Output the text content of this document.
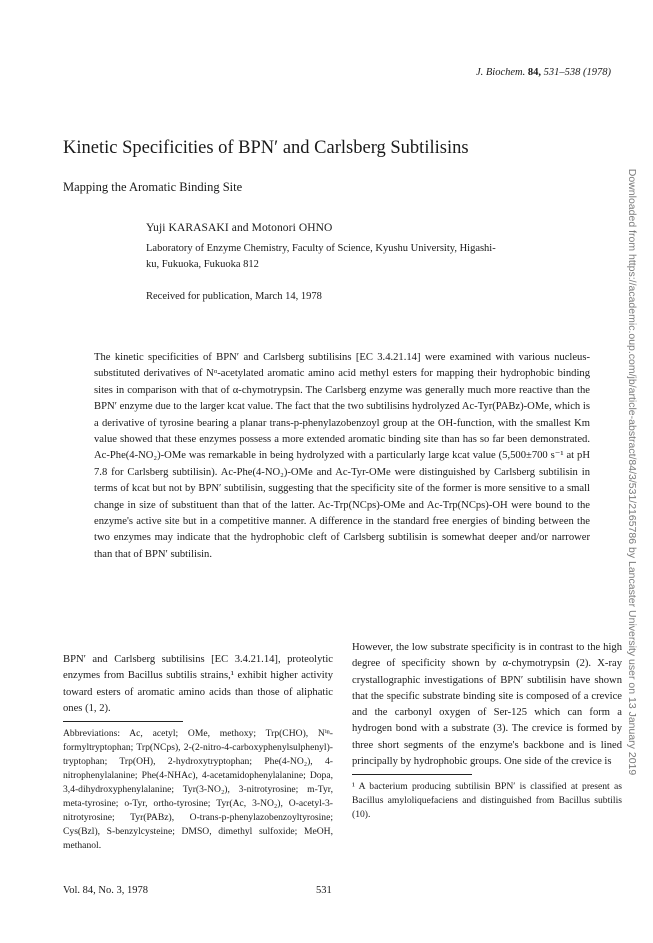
J. Biochem. 84, 531–538 (1978)
Kinetic Specificities of BPN′ and Carlsberg Subtilisins
Mapping the Aromatic Binding Site
Yuji KARASAKI and Motonori OHNO
Laboratory of Enzyme Chemistry, Faculty of Science, Kyushu University, Higashi-ku, Fukuoka, Fukuoka 812
Received for publication, March 14, 1978

The kinetic specificities of BPN′ and Carlsberg subtilisins [EC 3.4.21.14] were examined with various nucleus-substituted derivatives of Nᵅ-acetylated aromatic amino acid methyl esters for mapping their hydrophobic binding sites in comparison with that of α-chymotrypsin. The Carlsberg enzyme was generally much more reactive than the BPN′ enzyme due to the larger kcat value. The fact that the two subtilisins hydrolyzed Ac-Tyr(PABz)-OMe, which is a derivative of tyrosine bearing a planar trans-p-phenylazobenzoyl group at the OH-function, with the smallest Km value showed that these enzymes possess a more extended aromatic binding site than has so far been demonstrated. Ac-Phe(4-NO₂)-OMe was remarkable in being hydrolyzed with a particularly large kcat value (5,500±700 s⁻¹ at pH 7.8 for Carlsberg subtilisin). Ac-Phe(4-NO₂)-OMe and Ac-Tyr-OMe were distinguished by Carlsberg subtilisin in terms of kcat but not by BPN′ subtilisin, suggesting that the specificity site of the former is more sensitive to a small change in size of substituent than that of the latter. Ac-Trp(NCps)-OMe and Ac-Trp(NCps)-OH were bound to the enzyme's active site but in a competitive manner. A difference in the standard free energies of binding between the two enzymes may indicate that the hydrophobic cleft of Carlsberg subtilisin is somewhat deeper and/or narrower than that of BPN′ subtilisin.

BPN′ and Carlsberg subtilisins [EC 3.4.21.14], proteolytic enzymes from Bacillus subtilis strains,¹ exhibit higher activity toward esters of aromatic amino acids than those of aliphatic ones (1, 2).

Abbreviations: Ac, acetyl; OMe, methoxy; Trp(CHO), Nⁱⁿ-formyltryptophan; Trp(NCps), 2-(2-nitro-4-carboxyphenylsulphenyl)-tryptophan; Trp(OH), 2-hydroxytryptophan; Phe(4-NO₂), 4-nitrophenylalanine; Phe(4-NHAc), 4-acetamidophenylalanine; Dopa, 3,4-dihydroxyphenylalanine; Tyr(3-NO₂), 3-nitrotyrosine; m-Tyr, meta-tyrosine; o-Tyr, ortho-tyrosine; Tyr(Ac, 3-NO₂), O-acetyl-3-nitrotyrosine; Tyr(PABz), O-trans-p-phenylazobenzoyltyrosine; Cys(Bzl), S-benzylcysteine; DMSO, dimethyl sulfoxide; MeOH, methanol.

However, the low substrate specificity is in contrast to the high degree of specificity shown by α-chymotrypsin (2). X-ray crystallographic investigations of BPN′ subtilisin have shown that the specific substrate binding site is composed of a crevice and the carbonyl oxygen of Ser-125 which can form a hydrogen bond with a substrate (3). The crevice is formed by three short segments of the enzyme's backbone and is lined principally by hydrophobic groups. One side of the crevice is

¹ A bacterium producing subtilisin BPN′ is classified at present as Bacillus amyloliquefaciens and distinguished from Bacillus subtilis (10).

Vol. 84, No. 3, 1978	531
Downloaded from https://academic.oup.com/jb/article-abstract/84/3/531/2165786 by Lancaster University user on 13 January 2019
